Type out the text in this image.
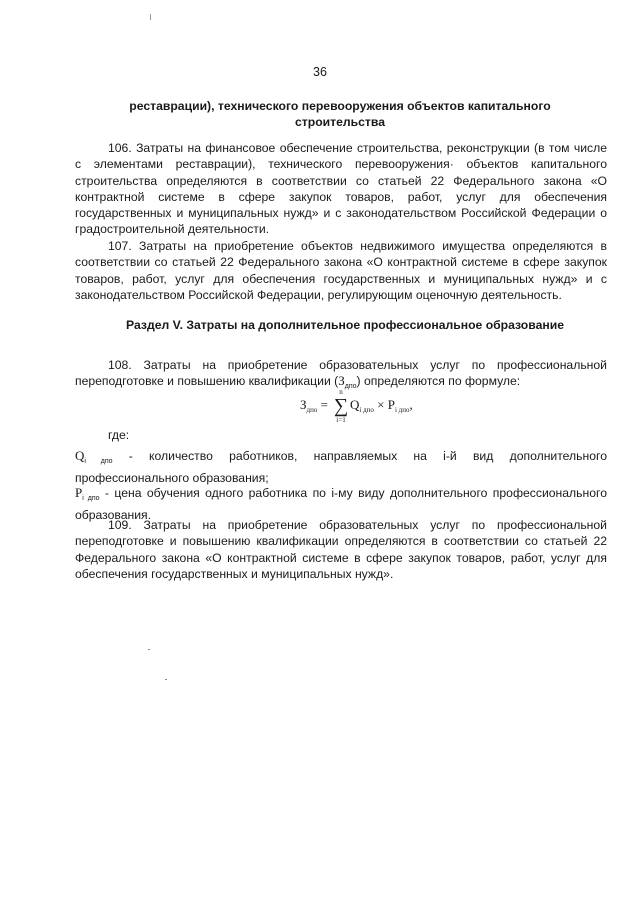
36
реставрации), технического перевооружения объектов капитального строительства
106. Затраты на финансовое обеспечение строительства, реконструкции (в том числе с элементами реставрации), технического перевооружения· объектов капитального строительства определяются в соответствии со статьей 22 Федерального закона «О контрактной системе в сфере закупок товаров, работ, услуг для обеспечения государственных и муниципальных нужд» и с законодательством Российской Федерации о градостроительной деятельности.
107. Затраты на приобретение объектов недвижимого имущества определяются в соответствии со статьей 22 Федерального закона «О контрактной системе в сфере закупок товаров, работ, услуг для обеспечения государственных и муниципальных нужд» и с законодательством Российской Федерации, регулирующим оценочную деятельность.
Раздел V. Затраты на дополнительное профессиональное образование
108. Затраты на приобретение образовательных услуг по профессиональной переподготовке и повышению квалификации $(З_{дпо})$ определяются по формуле:
$З_{дпо}$ =
n
∑
i=1
$Q_{i дпо} \times P_{i дпо}$,
где:
$Q_{i дпо}$ - количество работников, направляемых на i-й вид дополнительного профессионального образования;
$P_{i дпо}$ - цена обучения одного работника по i-му виду дополнительного профессионального образования.
109. Затраты на приобретение образовательных услуг по профессиональной переподготовке и повышению квалификации определяются в соответствии со статьей 22 Федерального закона «О контрактной системе в сфере закупок товаров, работ, услуг для обеспечения государственных и муниципальных нужд».
